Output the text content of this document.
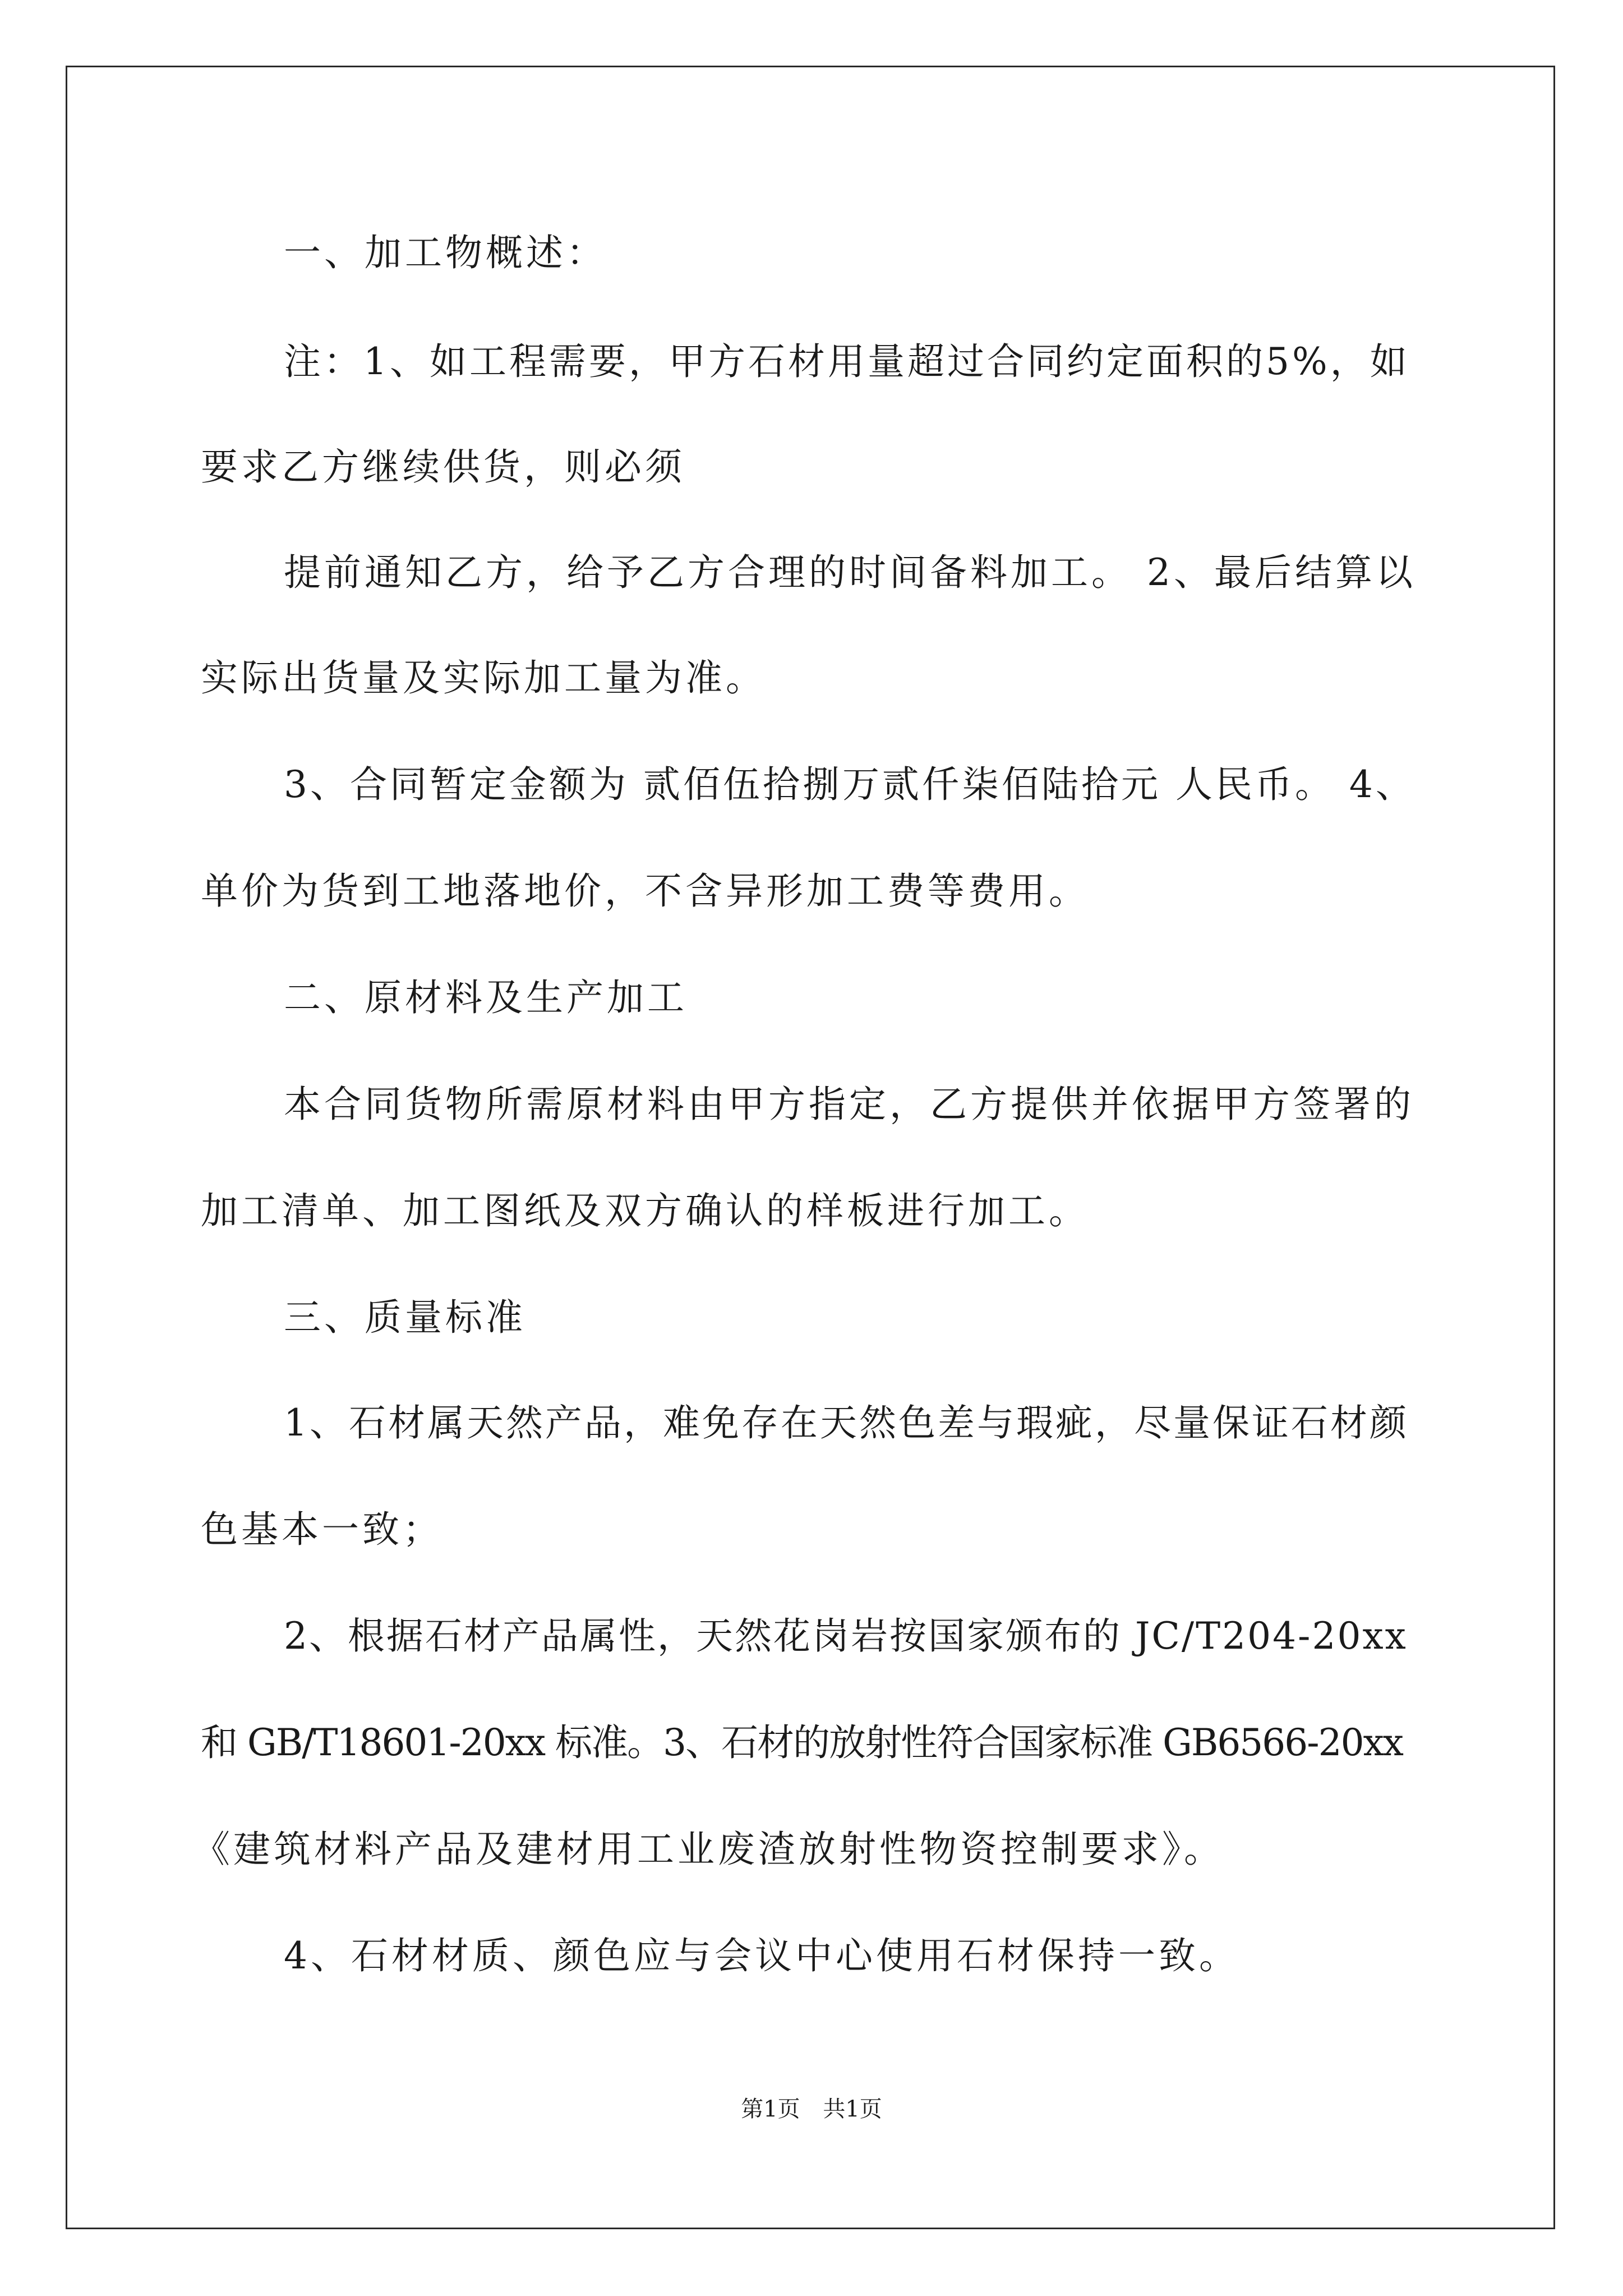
一、加工物概述：
注：1、如工程需要，甲方石材用量超过合同约定面积的5%，如
要求乙方继续供货，则必须
提前通知乙方，给予乙方合理的时间备料加工。 2、最后结算以
实际出货量及实际加工量为准。
3、合同暂定金额为 贰佰伍拾捌万贰仟柒佰陆拾元 人民币。 4、
单价为货到工地落地价，不含异形加工费等费用。
二、原材料及生产加工
本合同货物所需原材料由甲方指定，乙方提供并依据甲方签署的
加工清单、加工图纸及双方确认的样板进行加工。
三、质量标准
1、石材属天然产品，难免存在天然色差与瑕疵，尽量保证石材颜
色基本一致；
2、根据石材产品属性，天然花岗岩按国家颁布的 JC/T204-20xx
和 GB/T18601-20xx 标准。3、石材的放射性符合国家标准 GB6566-20xx
《建筑材料产品及建材用工业废渣放射性物资控制要求》。
4、石材材质、颜色应与会议中心使用石材保持一致。
第1页 共1页
